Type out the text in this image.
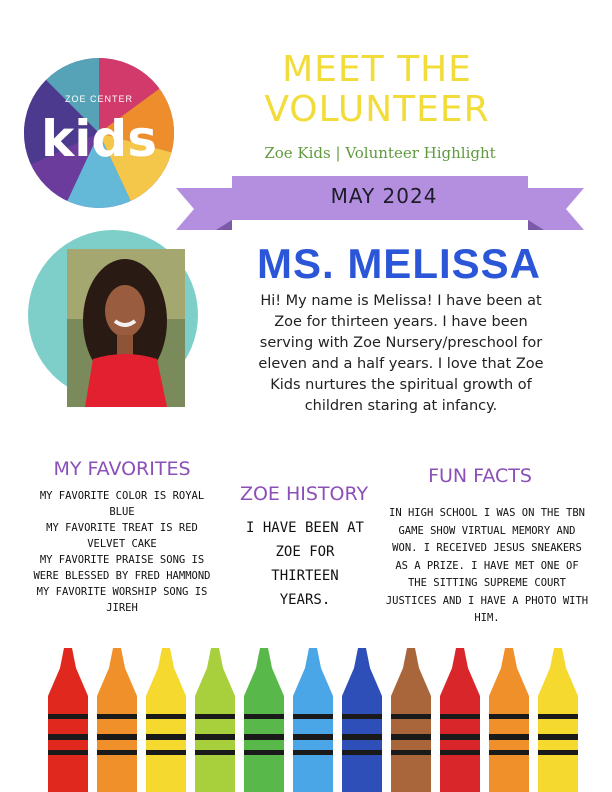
ZOE CENTER
kids
MEET THE
VOLUNTEER
Zoe Kids | Volunteer Highlight
MAY 2024
MS. MELISSA
Hi! My name is Melissa! I have been at Zoe for thirteen years. I have been serving with Zoe Nursery/preschool for eleven and a half years. I love that Zoe Kids nurtures the spiritual growth of children staring at infancy.
MY FAVORITES
MY FAVORITE COLOR IS ROYAL BLUE
MY FAVORITE TREAT IS RED VELVET CAKE
MY FAVORITE PRAISE SONG IS WERE BLESSED BY FRED HAMMOND
MY FAVORITE WORSHIP SONG IS JIREH
ZOE HISTORY
I HAVE BEEN AT ZOE FOR THIRTEEN YEARS.
FUN FACTS
IN HIGH SCHOOL I WAS ON THE TBN GAME SHOW VIRTUAL MEMORY AND WON. I RECEIVED JESUS SNEAKERS AS A PRIZE. I HAVE MET ONE OF THE SITTING SUPREME COURT JUSTICES AND I HAVE A PHOTO WITH HIM.
